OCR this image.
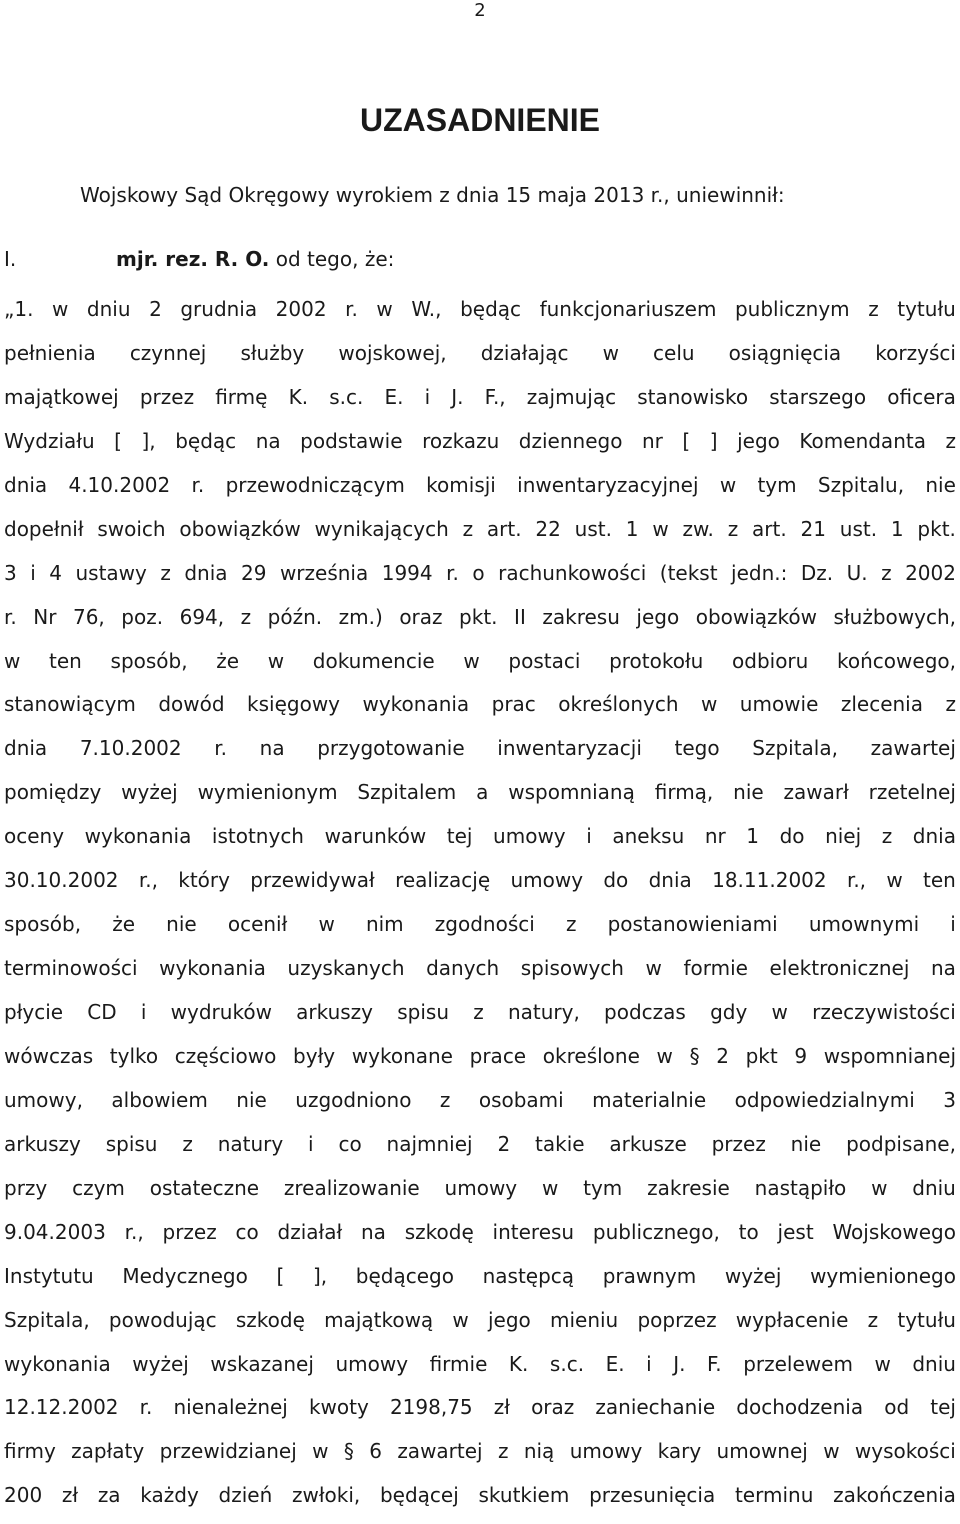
2
UZASADNIENIE
Wojskowy Sąd Okręgowy wyrokiem z dnia 15 maja 2013 r., uniewinnił:
I.	mjr. rez. R. O. od tego, że:
„1. w dniu 2 grudnia 2002 r. w W., będąc funkcjonariuszem publicznym z tytułu
pełnienia czynnej służby wojskowej, działając w celu osiągnięcia korzyści
majątkowej przez firmę K. s.c. E. i J. F., zajmując stanowisko starszego oficera
Wydziału [ ], będąc na podstawie rozkazu dziennego nr [ ] jego Komendanta z
dnia 4.10.2002 r. przewodniczącym komisji inwentaryzacyjnej w tym Szpitalu, nie
dopełnił swoich obowiązków wynikających z art. 22 ust. 1 w zw. z art. 21 ust. 1 pkt.
3 i 4 ustawy z dnia 29 września 1994 r. o rachunkowości (tekst jedn.: Dz. U. z 2002
r. Nr 76, poz. 694, z późn. zm.) oraz pkt. II zakresu jego obowiązków służbowych,
w ten sposób, że w dokumencie w postaci protokołu odbioru końcowego,
stanowiącym dowód księgowy wykonania prac określonych w umowie zlecenia z
dnia 7.10.2002 r. na przygotowanie inwentaryzacji tego Szpitala, zawartej
pomiędzy wyżej wymienionym Szpitalem a wspomnianą firmą, nie zawarł rzetelnej
oceny wykonania istotnych warunków tej umowy i aneksu nr 1 do niej z dnia
30.10.2002 r., który przewidywał realizację umowy do dnia 18.11.2002 r., w ten
sposób, że nie ocenił w nim zgodności z postanowieniami umownymi i
terminowości wykonania uzyskanych danych spisowych w formie elektronicznej na
płycie CD i wydruków arkuszy spisu z natury, podczas gdy w rzeczywistości
wówczas tylko częściowo były wykonane prace określone w § 2 pkt 9 wspomnianej
umowy, albowiem nie uzgodniono z osobami materialnie odpowiedzialnymi 3
arkuszy spisu z natury i co najmniej 2 takie arkusze przez nie podpisane,
przy czym ostateczne zrealizowanie umowy w tym zakresie nastąpiło w dniu
9.04.2003 r., przez co działał na szkodę interesu publicznego, to jest Wojskowego
Instytutu Medycznego [ ], będącego następcą prawnym wyżej wymienionego
Szpitala, powodując szkodę majątkową w jego mieniu poprzez wypłacenie z tytułu
wykonania wyżej wskazanej umowy firmie K. s.c. E. i J. F. przelewem w dniu
12.12.2002 r. nienależnej kwoty 2198,75 zł oraz zaniechanie dochodzenia od tej
firmy zapłaty przewidzianej w § 6 zawartej z nią umowy kary umownej w wysokości
200 zł za każdy dzień zwłoki, będącej skutkiem przesunięcia terminu zakończenia
